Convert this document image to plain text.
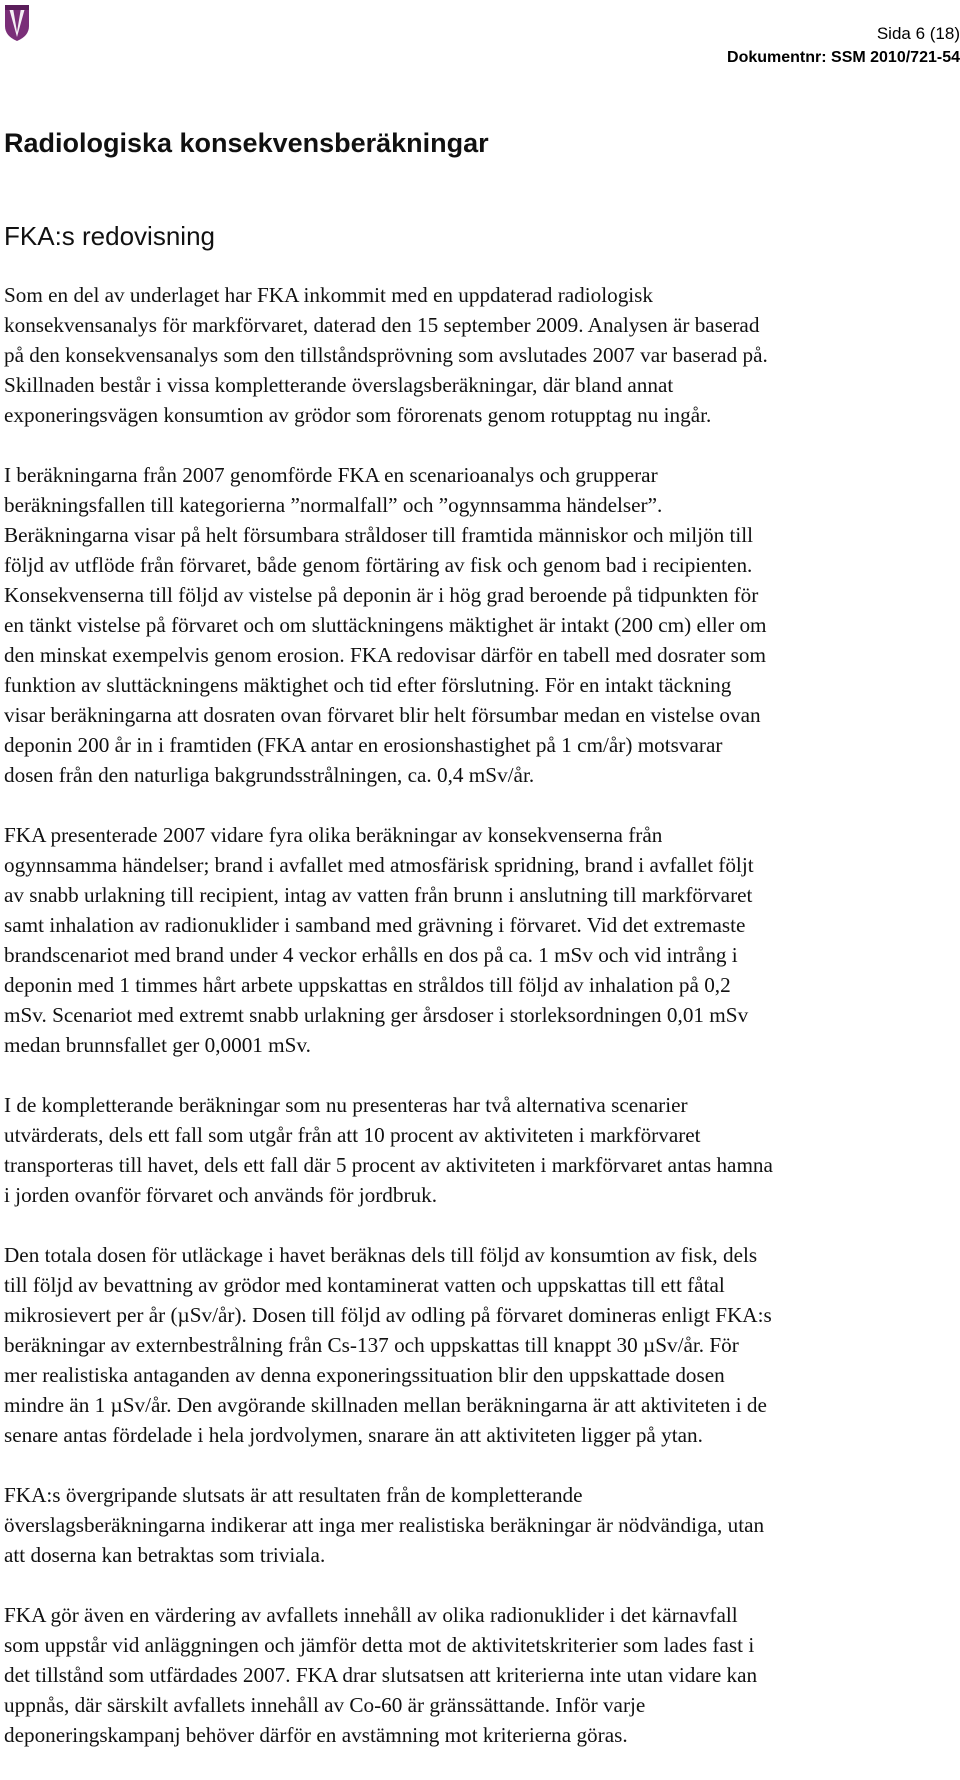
Sida 6 (18)
Dokumentnr: SSM 2010/721-54
Radiologiska konsekvensberäkningar
FKA:s redovisning

Som en del av underlaget har FKA inkommit med en uppdaterad radiologisk
konsekvensanalys för markförvaret, daterad den 15 september 2009. Analysen är baserad
på den konsekvensanalys som den tillståndsprövning som avslutades 2007 var baserad på.
Skillnaden består i vissa kompletterande överslagsberäkningar, där bland annat
exponeringsvägen konsumtion av grödor som förorenats genom rotupptag nu ingår.

I beräkningarna från 2007 genomförde FKA en scenarioanalys och grupperar
beräkningsfallen till kategorierna ”normalfall” och ”ogynnsamma händelser”.
Beräkningarna visar på helt försumbara stråldoser till framtida människor och miljön till
följd av utflöde från förvaret, både genom förtäring av fisk och genom bad i recipienten.
Konsekvenserna till följd av vistelse på deponin är i hög grad beroende på tidpunkten för
en tänkt vistelse på förvaret och om sluttäckningens mäktighet är intakt (200 cm) eller om
den minskat exempelvis genom erosion. FKA redovisar därför en tabell med dosrater som
funktion av sluttäckningens mäktighet och tid efter förslutning. För en intakt täckning
visar beräkningarna att dosraten ovan förvaret blir helt försumbar medan en vistelse ovan
deponin 200 år in i framtiden (FKA antar en erosionshastighet på 1 cm/år) motsvarar
dosen från den naturliga bakgrundsstrålningen, ca. 0,4 mSv/år.

FKA presenterade 2007 vidare fyra olika beräkningar av konsekvenserna från
ogynnsamma händelser; brand i avfallet med atmosfärisk spridning, brand i avfallet följt
av snabb urlakning till recipient, intag av vatten från brunn i anslutning till markförvaret
samt inhalation av radionuklider i samband med grävning i förvaret. Vid det extremaste
brandscenariot med brand under 4 veckor erhålls en dos på ca. 1 mSv och vid intrång i
deponin med 1 timmes hårt arbete uppskattas en stråldos till följd av inhalation på 0,2
mSv. Scenariot med extremt snabb urlakning ger årsdoser i storleksordningen 0,01 mSv
medan brunnsfallet ger 0,0001 mSv.

I de kompletterande beräkningar som nu presenteras har två alternativa scenarier
utvärderats, dels ett fall som utgår från att 10 procent av aktiviteten i markförvaret
transporteras till havet, dels ett fall där 5 procent av aktiviteten i markförvaret antas hamna
i jorden ovanför förvaret och används för jordbruk.

Den totala dosen för utläckage i havet beräknas dels till följd av konsumtion av fisk, dels
till följd av bevattning av grödor med kontaminerat vatten och uppskattas till ett fåtal
mikrosievert per år (µSv/år). Dosen till följd av odling på förvaret domineras enligt FKA:s
beräkningar av externbestrålning från Cs-137 och uppskattas till knappt 30 µSv/år. För
mer realistiska antaganden av denna exponeringssituation blir den uppskattade dosen
mindre än 1 µSv/år. Den avgörande skillnaden mellan beräkningarna är att aktiviteten i de
senare antas fördelade i hela jordvolymen, snarare än att aktiviteten ligger på ytan.

FKA:s övergripande slutsats är att resultaten från de kompletterande
överslagsberäkningarna indikerar att inga mer realistiska beräkningar är nödvändiga, utan
att doserna kan betraktas som triviala.

FKA gör även en värdering av avfallets innehåll av olika radionuklider i det kärnavfall
som uppstår vid anläggningen och jämför detta mot de aktivitetskriterier som lades fast i
det tillstånd som utfärdades 2007. FKA drar slutsatsen att kriterierna inte utan vidare kan
uppnås, där särskilt avfallets innehåll av Co-60 är gränssättande. Inför varje
deponeringskampanj behöver därför en avstämning mot kriterierna göras.
